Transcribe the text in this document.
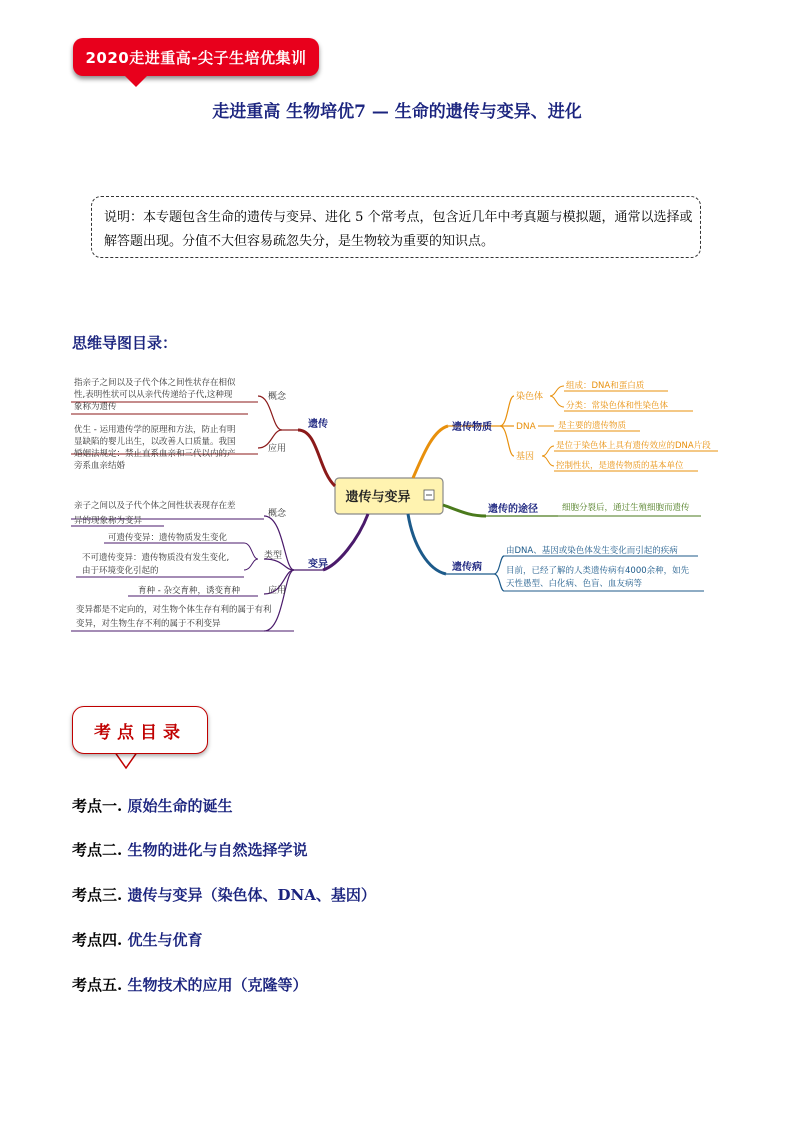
2020走进重高-尖子生培优集训
走进重高 生物培优7 — 生命的遗传与变异、进化
说明：本专题包含生命的遗传与变异、进化 5 个常考点，包含近几年中考真题与模拟题，通常以选择或解答题出现。分值不大但容易疏忽失分，是生物较为重要的知识点。
思维导图目录：
遗传与变异
遗传
概念
指亲子之间以及子代个体之间性状存在相似
性,表明性状可以从亲代传递给子代,这种现
象称为遗传
应用
优生 - 运用遗传学的原理和方法，防止有明
显缺陷的婴儿出生，以改善人口质量。我国
婚姻法规定：禁止直系血亲和三代以内的产
旁系血亲结婚
变异
概念
亲子之间以及子代个体之间性状表现存在差
异的现象称为变异
类型
可遗传变异：遗传物质发生变化
不可遗传变异：遗传物质没有发生变化,
由于环境变化引起的
应用
育种 - 杂交育种，诱变育种
变异都是不定向的，对生物个体生存有利的属于有利
变异，对生物生存不利的属于不利变异
遗传物质
染色体
组成：DNA和蛋白质
分类：常染色体和性染色体
DNA	是主要的遗传物质
基因
是位于染色体上具有遗传效应的DNA片段
控制性状，是遗传物质的基本单位
遗传的途径	细胞分裂后，通过生殖细胞而遗传
遗传病
由DNA、基因或染色体发生变化而引起的疾病
目前，已经了解的人类遗传病有4000余种，如先
天性愚型、白化病、色盲、血友病等
考点目录
考点一. 原始生命的诞生
考点二. 生物的进化与自然选择学说
考点三. 遗传与变异（染色体、DNA、基因）
考点四. 优生与优育
考点五. 生物技术的应用（克隆等）
